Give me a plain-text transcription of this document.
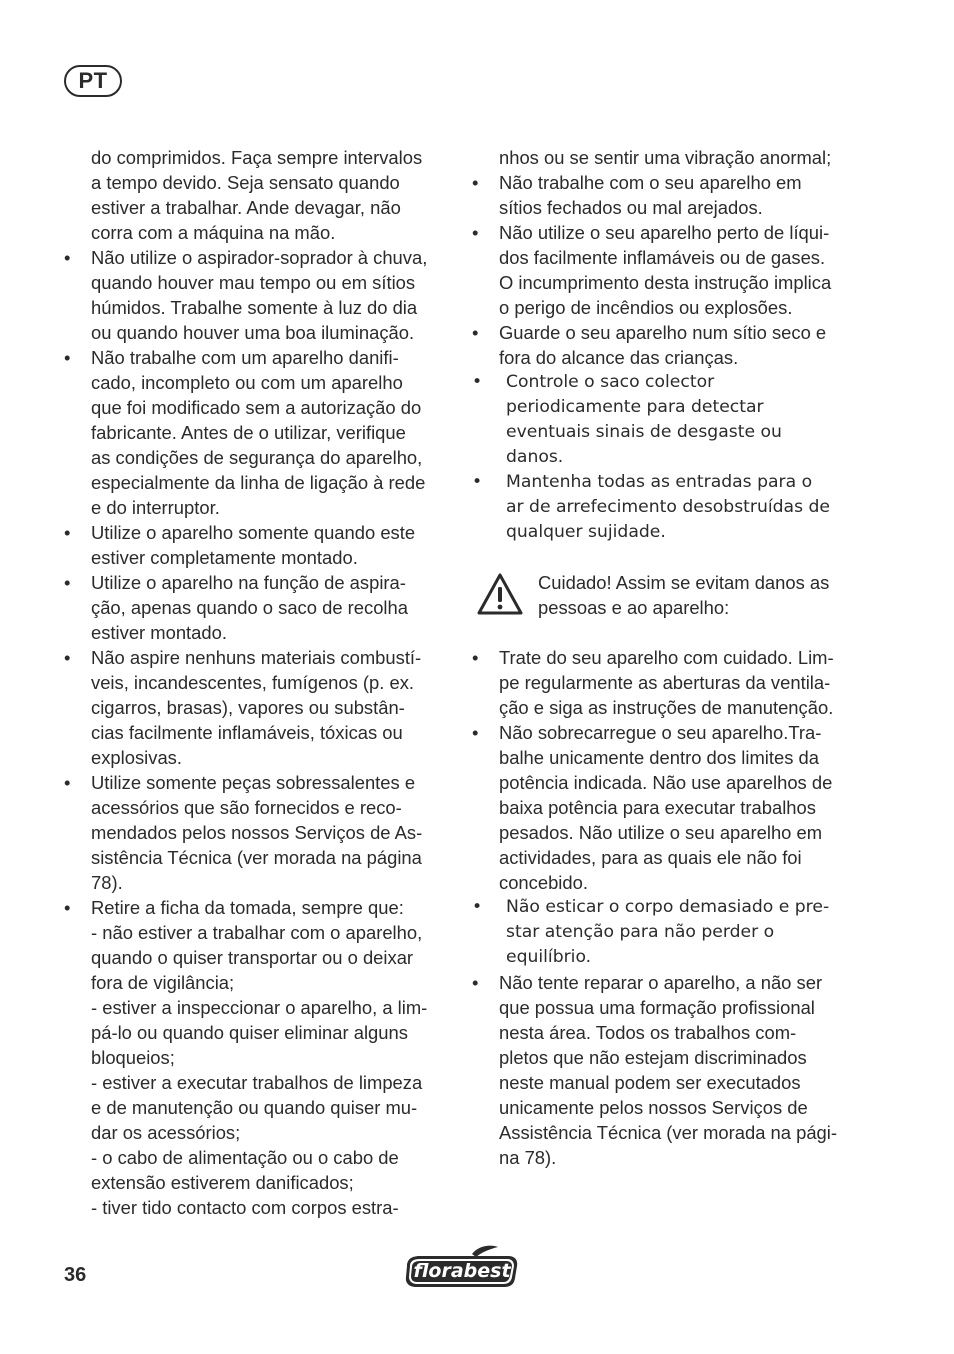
PT
do comprimidos. Faça sempre intervalos
a tempo devido. Seja sensato quando
estiver a trabalhar. Ande devagar, não
corra com a máquina na mão.
• Não utilize o aspirador-soprador à chuva,
quando houver mau tempo ou em sítios
húmidos. Trabalhe somente à luz do dia
ou quando houver uma boa iluminação.
• Não trabalhe com um aparelho danifi-
cado, incompleto ou com um aparelho
que foi modificado sem a autorização do
fabricante. Antes de o utilizar, verifique
as condições de segurança do aparelho,
especialmente da linha de ligação à rede
e do interruptor.
• Utilize o aparelho somente quando este
estiver completamente montado.
• Utilize o aparelho na função de aspira-
ção, apenas quando o saco de recolha
estiver montado.
• Não aspire nenhuns materiais combustí-
veis, incandescentes, fumígenos (p. ex.
cigarros, brasas), vapores ou substân-
cias facilmente inflamáveis, tóxicas ou
explosivas.
• Utilize somente peças sobressalentes e
acessórios que são fornecidos e reco-
mendados pelos nossos Serviços de As-
sistência Técnica (ver morada na página
78).
• Retire a ficha da tomada, sempre que:
- não estiver a trabalhar com o aparelho,
quando o quiser transportar ou o deixar
fora de vigilância;
- estiver a inspeccionar o aparelho, a lim-
pá-lo ou quando quiser eliminar alguns
bloqueios;
- estiver a executar trabalhos de limpeza
e de manutenção ou quando quiser mu-
dar os acessórios;
- o cabo de alimentação ou o cabo de
extensão estiverem danificados;
- tiver tido contacto com corpos estra-
nhos ou se sentir uma vibração anormal;
• Não trabalhe com o seu aparelho em
sítios fechados ou mal arejados.
• Não utilize o seu aparelho perto de líqui-
dos facilmente inflamáveis ou de gases.
O incumprimento desta instrução implica
o perigo de incêndios ou explosões.
• Guarde o seu aparelho num sítio seco e
fora do alcance das crianças.
• Controle o saco colector
periodicamente para detectar
eventuais sinais de desgaste ou
danos.
• Mantenha todas as entradas para o
ar de arrefecimento desobstruídas de
qualquer sujidade.
Cuidado! Assim se evitam danos as
pessoas e ao aparelho:
• Trate do seu aparelho com cuidado. Lim-
pe regularmente as aberturas da ventila-
ção e siga as instruções de manutenção.
• Não sobrecarregue o seu aparelho.Tra-
balhe unicamente dentro dos limites da
potência indicada. Não use aparelhos de
baixa potência para executar trabalhos
pesados. Não utilize o seu aparelho em
actividades, para as quais ele não foi
concebido.
• Não esticar o corpo demasiado e pre-
star atenção para não perder o
equilíbrio.
• Não tente reparar o aparelho, a não ser
que possua uma formação profissional
nesta área. Todos os trabalhos com-
pletos que não estejam discriminados
neste manual podem ser executados
unicamente pelos nossos Serviços de
Assistência Técnica (ver morada na pági-
na 78).
36	florabest
